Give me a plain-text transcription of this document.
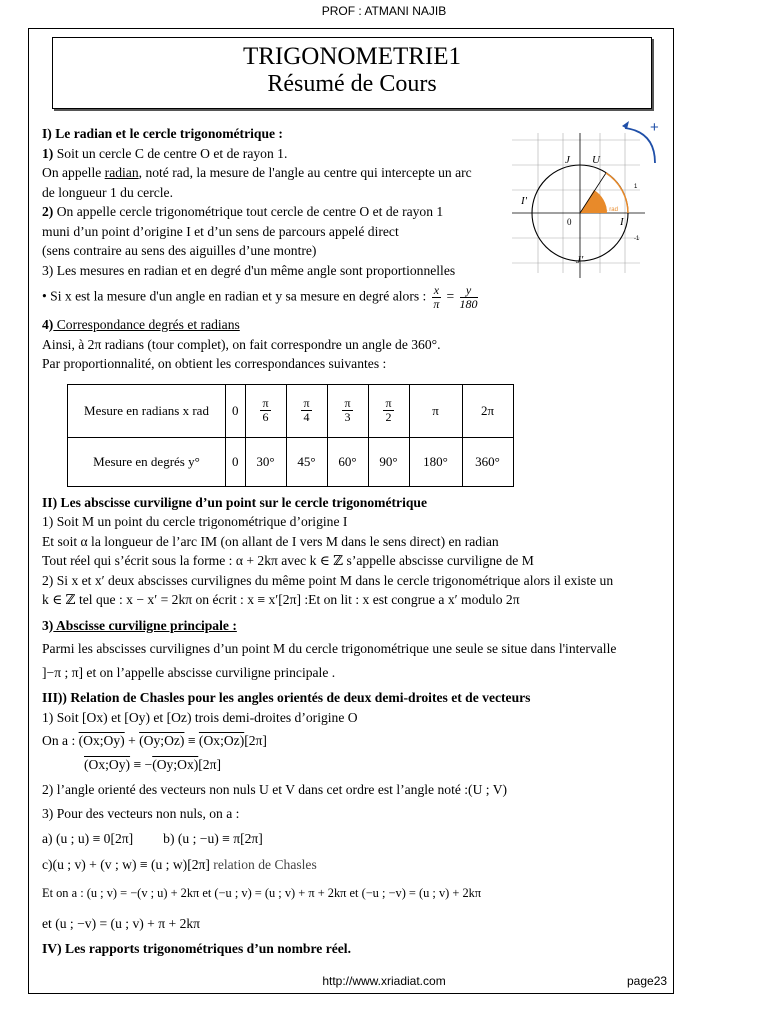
PROF : ATMANI NAJIB
TRIGONOMETRIE1
Résumé de Cours
+
J U
I'
0	I
J'
α = 1 rad
-1
1

I) Le radian et le cercle trigonométrique :

1) Soit un cercle C de centre O et de rayon 1.

On appelle radian, noté rad, la mesure de l'angle au centre qui intercepte un arc

de longueur 1 du cercle.

2) On appelle cercle trigonométrique tout cercle de centre O et de rayon 1

muni d’un point d’origine I et d’un sens de parcours appelé direct

(sens contraire au sens des aiguilles d’une montre)

3) Les mesures en radian et en degré d'un même angle sont proportionnelles

• Si x est la mesure d'un angle en radian et y sa mesure en degré alors : $\frac{x}{\pi} = \frac{y}{180}$

4) Correspondance degrés et radians

Ainsi, à 2π radians (tour complet), on fait correspondre un angle de 360°.

Par proportionnalité, on obtient les correspondances suivantes :

Mesure en radians x rad	0	$\frac{\pi}{6}$	$\frac{\pi}{4}$	$\frac{\pi}{3}$	$\frac{\pi}{2}$	π	2π
Mesure en degrés y°	0	30°	45°	60°	90°	180°	360°

II) Les abscisse curviligne d’un point sur le cercle trigonométrique

1) Soit M un point du cercle trigonométrique d’origine I

Et soit α la longueur de l’arc IM (on allant de I vers M dans le sens direct) en radian

Tout réel qui s’écrit sous la forme : α + 2kπ avec k ∈ ℤ s’appelle abscisse curviligne de M

2) Si x et x′ deux abscisses curvilignes du même point M dans le cercle trigonométrique alors il existe un

k ∈ ℤ tel que : x − x′ = 2kπ on écrit : x ≡ x′[2π] :Et on lit : x est congrue a x′ modulo 2π

3) Abscisse curviligne principale :

Parmi les abscisses curvilignes d’un point M du cercle trigonométrique une seule se situe dans l'intervalle

]−π ; π] et on l’appelle abscisse curviligne principale .

III)) Relation de Chasles pour les angles orientés de deux demi-droites et de vecteurs

1) Soit [Ox) et [Oy) et [Oz) trois demi-droites d’origine O

On a : (Ox;Oy) + (Oy;Oz) ≡ (Ox;Oz)[2π]

(Ox;Oy) ≡ −(Oy;Ox)[2π]

2) l’angle orienté des vecteurs non nuls U et V dans cet ordre est l’angle noté :(U ; V)

3) Pour des vecteurs non nuls, on a :

a) (u ; u) ≡ 0[2π] b) (u ; −u) ≡ π[2π]

c)(u ; v) + (v ; w) ≡ (u ; w)[2π] relation de Chasles

Et on a : (u ; v) = −(v ; u) + 2kπ et (−u ; v) = (u ; v) + π + 2kπ et (−u ; −v) = (u ; v) + 2kπ

et (u ; −v) = (u ; v) + π + 2kπ

IV) Les rapports trigonométriques d’un nombre réel.

http://www.xriadiat.com	page23
